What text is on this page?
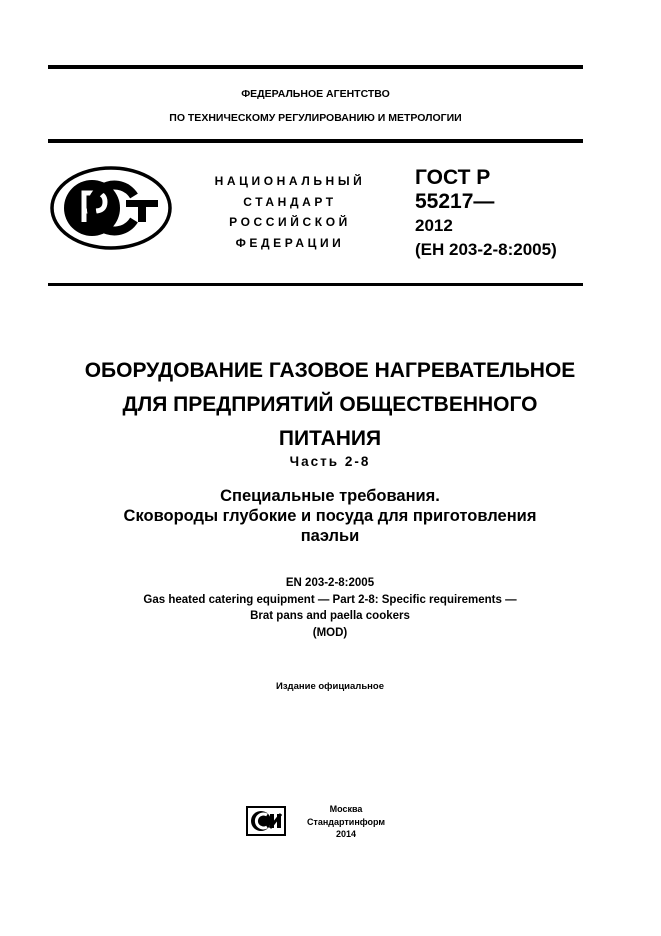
ФЕДЕРАЛЬНОЕ АГЕНТСТВО
ПО ТЕХНИЧЕСКОМУ РЕГУЛИРОВАНИЮ И МЕТРОЛОГИИ
НАЦИОНАЛЬНЫЙ
СТАНДАРТ
РОССИЙСКОЙ
ФЕДЕРАЦИИ
ГОСТ Р
55217—
2012
(ЕН 203-2-8:2005)
ОБОРУДОВАНИЕ ГАЗОВОЕ НАГРЕВАТЕЛЬНОЕ
ДЛЯ ПРЕДПРИЯТИЙ ОБЩЕСТВЕННОГО
ПИТАНИЯ
Часть 2-8
Специальные требования.
Сковороды глубокие и посуда для приготовления
паэльи
EN 203-2-8:2005
Gas heated catering equipment — Part 2-8: Specific requirements —
Brat pans and paella cookers
(MOD)
Издание официальное
Москва
Стандартинформ
2014
